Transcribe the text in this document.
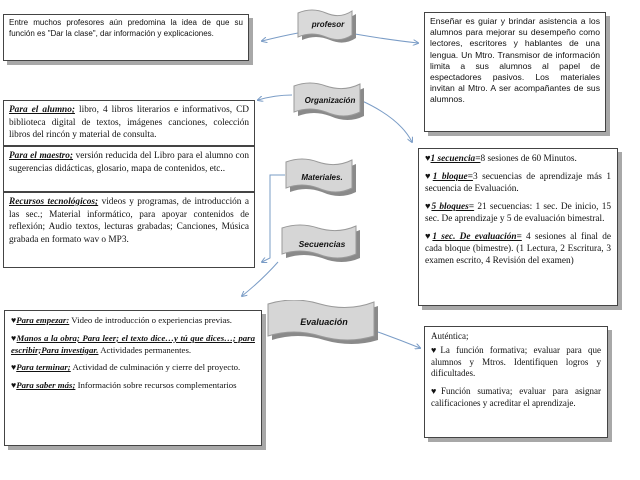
Entre muchos profesores aún predomina la idea de que su función es "Dar la clase", dar información y explicaciones.
profesor	Enseñar es guiar y brindar asistencia a los alumnos para mejorar su desempeño como lectores, escritores y hablantes de una lengua. Un Mtro. Transmisor de información limita a sus alumnos al papel de espectadores pasivos. Los materiales invitan al Mtro. A ser acompañantes de sus alumnos.
Organización
Para el alumno; libro, 4 libros literarios e informativos, CD biblioteca digital de textos, imágenes canciones, colección libros del rincón y material de consulta.
Para el maestro; versión reducida del Libro para el alumno con sugerencias didácticas, glosario, mapa de contenidos, etc..
Recursos tecnológicos; videos y programas, de introducción a las sec.; Material informático, para apoyar contenidos de reflexión; Audio textos, lecturas grabadas; Canciones, Música grabada en formato wav o MP3.
Materiales.
Secuencias
♥1 secuencia=8 sesiones de 60 Minutos.
♥1 bloque=3 secuencias de aprendizaje más 1 secuencia de Evaluación.
♥5 bloques= 21 secuencias: 1 sec. De inicio, 15 sec. De aprendizaje y 5 de evaluación bimestral.
♥1 sec. De evaluación= 4 sesiones al final de cada bloque (bimestre). (1 Lectura, 2 Escritura, 3 examen escrito, 4 Revisión del examen)
Evaluación
♥Para empezar: Video de introducción o experiencias previas.
♥Manos a la obra; Para leer; el texto dice…y tú que dices…; para escribir;Para investigar. Actividades permanentes.
♥Para terminar; Actividad de culminación y cierre del proyecto.
♥Para saber más; Información sobre recursos complementarios
Auténtica;
♥La función formativa; evaluar para que alumnos y Mtros. Identifiquen logros y dificultades.
♥Función sumativa; evaluar para asignar calificaciones y acreditar el aprendizaje.
